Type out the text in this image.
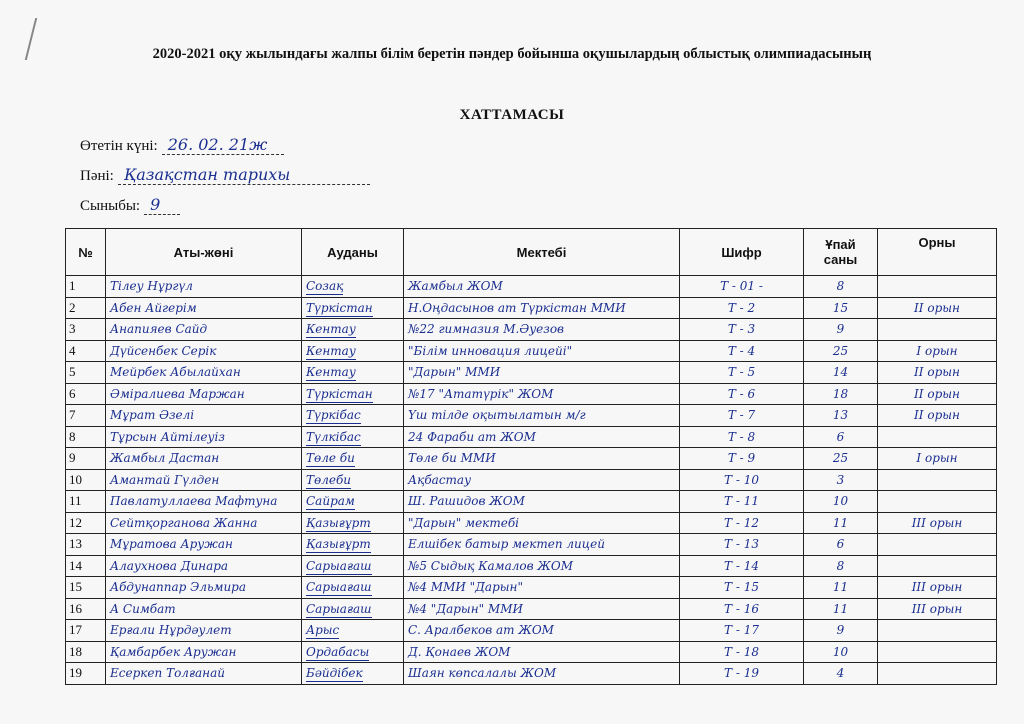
2020-2021 оқу жылындағы жалпы білім беретін пәндер бойынша оқушылардың облыстық олимпиадасының
ХАТТАМАСЫ
Өтетін күні: 26. 02. 21ж
Пәні: Қазақстан тарихы
Сыныбы: 9
№	Аты-жөні	Ауданы	Мектебі	Шифр	Ұпай саны	Орны
1	Тілеу Нұргүл	Созақ	Жамбыл ЖОМ	Т - 01 -	8	
2	Абен Айгерім	Түркістан	Н.Оңдасынов ат Түркістан ММИ	Т - 2	15	II орын
3	Анапияев Сайд	Кентау	№22 гимназия М.Әуезов	Т - 3	9	
4	Дүйсенбек Серік	Кентау	"Білім инновация лицейі"	Т - 4	25	I орын
5	Мейрбек Абылайхан	Кентау	"Дарын" ММИ	Т - 5	14	II орын
6	Әміралиева Маржан	Түркістан	№17 "Ататүрік" ЖОМ	Т - 6	18	II орын
7	Мұрат Әзелі	Түркібас	Үш тілде оқытылатын м/г	Т - 7	13	II орын
8	Тұрсын Айтілеуіз	Түлкібас	24 Фараби ат ЖОМ	Т - 8	6	
9	Жамбыл Дастан	Төле би	Төле би ММИ	Т - 9	25	I орын
10	Амантай Гүлден	Төлеби	Ақбастау	Т - 10	3	
11	Павлатуллаева Мафтуна	Сайрам	Ш. Рашидов ЖОМ	Т - 11	10	
12	Сейтқорганова Жанна	Қазығұрт	"Дарын" мектебі	Т - 12	11	III орын
13	Мұратова Аружан	Қазығұрт	Елшібек батыр мектеп лицей	Т - 13	6	
14	Алаухнова Динара	Сарыағаш	№5 Сыдық Камалов ЖОМ	Т - 14	8	
15	Абдунаппар Эльмира	Сарыағаш	№4 ММИ "Дарын"	Т - 15	11	III орын
16	А Симбат	Сарыағаш	№4 "Дарын" ММИ	Т - 16	11	III орын
17	Ерғали Нұрдәулет	Арыс	С. Аралбеков ат ЖОМ	Т - 17	9	
18	Қамбарбек Аружан	Ордабасы	Д. Қонаев ЖОМ	Т - 18	10	
19	Есеркеп Толғанай	Бәйдібек	Шаян көпсалалы ЖОМ	Т - 19	4	
